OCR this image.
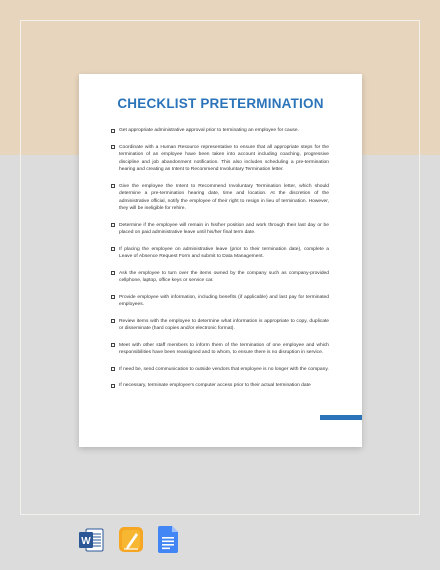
CHECKLIST PRETERMINATION
Get appropriate administrative approval prior to terminating an employee for cause.
Coordinate with a Human Resource representative to ensure that all appropriate steps for the termination of an employee have been taken into account including coaching, progressive discipline and job abandonment notification. This also includes scheduling a pre-termination hearing and creating an Intent to Recommend Involuntary Termination letter.
Give the employee the Intent to Recommend Involuntary Termination letter, which should determine a pre-termination hearing date, time and location. At the discretion of the administrative official, notify the employee of their right to resign in lieu of termination. However, they will be ineligible for rehire.
Determine if the employee will remain in his/her position and work through their last day or be placed on paid administrative leave until his/her final term date.
If placing the employee on administrative leave (prior to their termination date), complete a Leave of Absence Request Form and submit to Data Management.
Ask the employee to turn over the items owned by the company such as company-provided cellphone, laptop, office keys or service car.
Provide employee with information, including benefits (if applicable) and last pay for terminated employees.
Review items with the employee to determine what information is appropriate to copy, duplicate or disseminate (hard copies and/or electronic format).
Meet with other staff members to inform them of the termination of one employee and which responsibilities have been reassigned and to whom, to ensure there is no disruption in service.
If need be, send communication to outside vendors that employee is no longer with the company.
If necessary, terminate employee's computer access prior to their actual termination date
W
